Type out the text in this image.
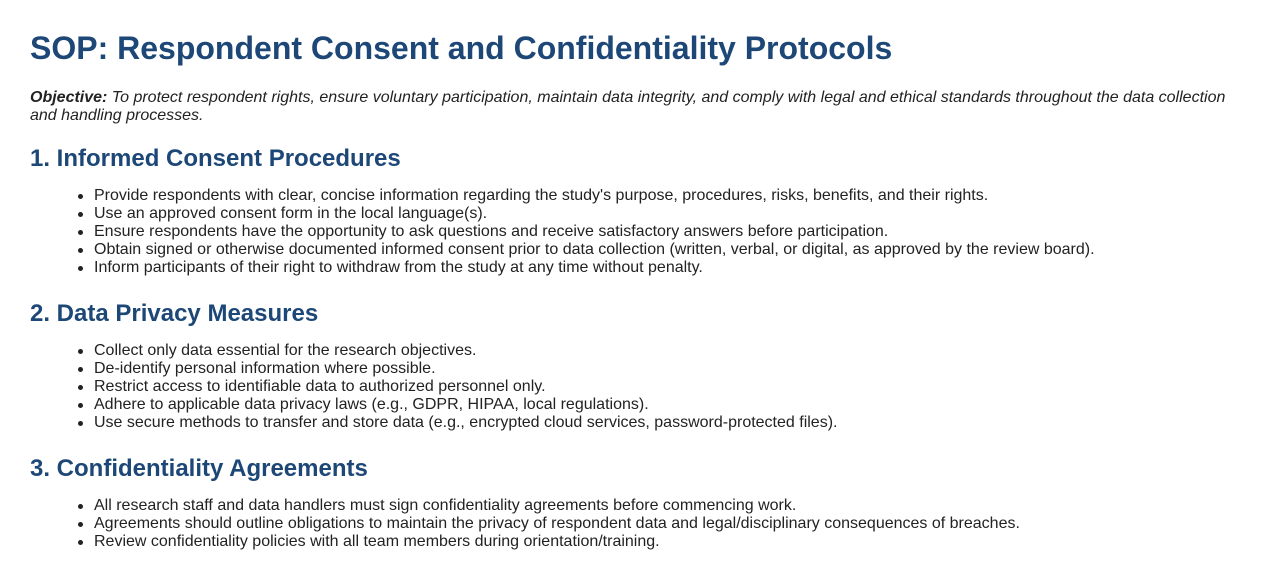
SOP: Respondent Consent and Confidentiality Protocols

Objective: To protect respondent rights, ensure voluntary participation, maintain data integrity, and comply with legal and ethical standards throughout the data collection and handling processes.

1. Informed Consent Procedures
Provide respondents with clear, concise information regarding the study's purpose, procedures, risks, benefits, and their rights.
Use an approved consent form in the local language(s).
Ensure respondents have the opportunity to ask questions and receive satisfactory answers before participation.
Obtain signed or otherwise documented informed consent prior to data collection (written, verbal, or digital, as approved by the review board).
Inform participants of their right to withdraw from the study at any time without penalty.
2. Data Privacy Measures
Collect only data essential for the research objectives.
De-identify personal information where possible.
Restrict access to identifiable data to authorized personnel only.
Adhere to applicable data privacy laws (e.g., GDPR, HIPAA, local regulations).
Use secure methods to transfer and store data (e.g., encrypted cloud services, password-protected files).
3. Confidentiality Agreements
All research staff and data handlers must sign confidentiality agreements before commencing work.
Agreements should outline obligations to maintain the privacy of respondent data and legal/disciplinary consequences of breaches.
Review confidentiality policies with all team members during orientation/training.
